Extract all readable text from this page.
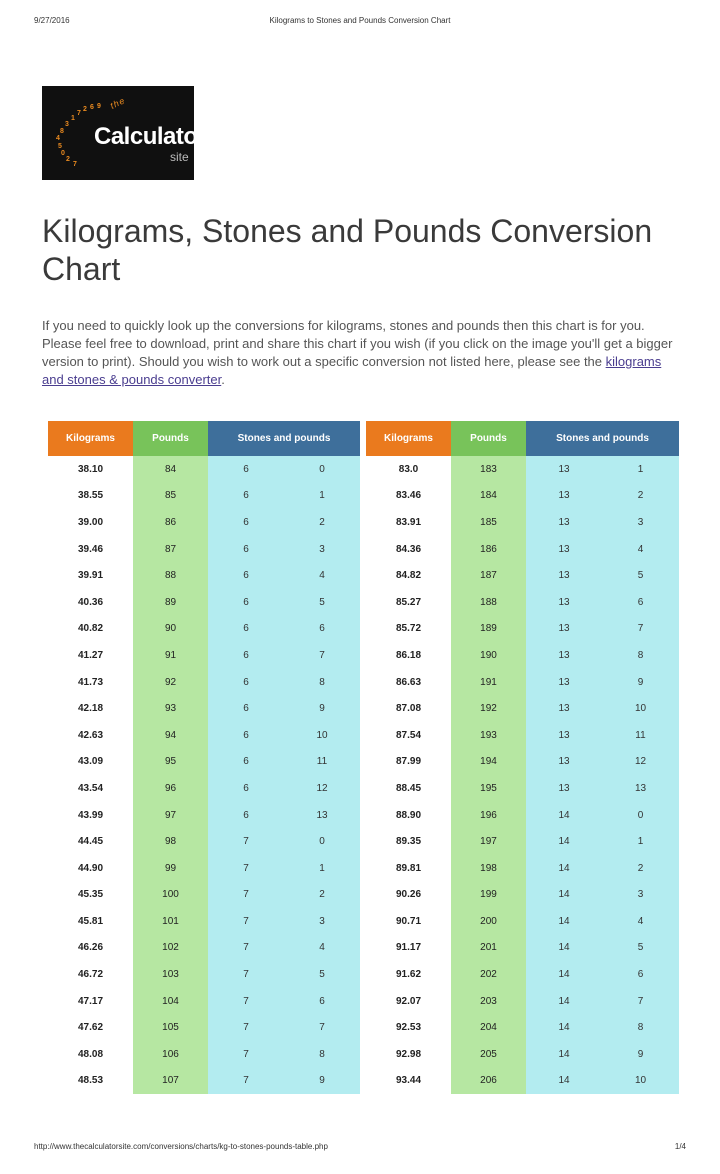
9/27/2016	Kilograms to Stones and Pounds Conversion Chart
4
8
3
1
7
2 6 9
5
0
2
7
the
Calculator
site
Kilograms, Stones and Pounds Conversion Chart

If you need to quickly look up the conversions for kilograms, stones and pounds then this chart is for you. Please feel free to download, print and share this chart if you wish (if you click on the image you'll get a bigger version to print). Should you wish to work out a specific conversion not listed here, please see the kilograms and stones & pounds converter.

Kilograms	Pounds	Stones and pounds			Kilograms	Pounds	Stones and pounds	
38.10	84	6	0		83.0	183	13	1
38.55	85	6	1		83.46	184	13	2
39.00	86	6	2		83.91	185	13	3
39.46	87	6	3		84.36	186	13	4
39.91	88	6	4		84.82	187	13	5
40.36	89	6	5		85.27	188	13	6
40.82	90	6	6		85.72	189	13	7
41.27	91	6	7		86.18	190	13	8
41.73	92	6	8		86.63	191	13	9
42.18	93	6	9		87.08	192	13	10
42.63	94	6	10		87.54	193	13	11
43.09	95	6	11		87.99	194	13	12
43.54	96	6	12		88.45	195	13	13
43.99	97	6	13		88.90	196	14	0
44.45	98	7	0		89.35	197	14	1
44.90	99	7	1		89.81	198	14	2
45.35	100	7	2		90.26	199	14	3
45.81	101	7	3		90.71	200	14	4
46.26	102	7	4		91.17	201	14	5
46.72	103	7	5		91.62	202	14	6
47.17	104	7	6		92.07	203	14	7
47.62	105	7	7		92.53	204	14	8
48.08	106	7	8		92.98	205	14	9
48.53	107	7	9		93.44	206	14	10
http://www.thecalculatorsite.com/conversions/charts/kg-to-stones-pounds-table.php	1/4
